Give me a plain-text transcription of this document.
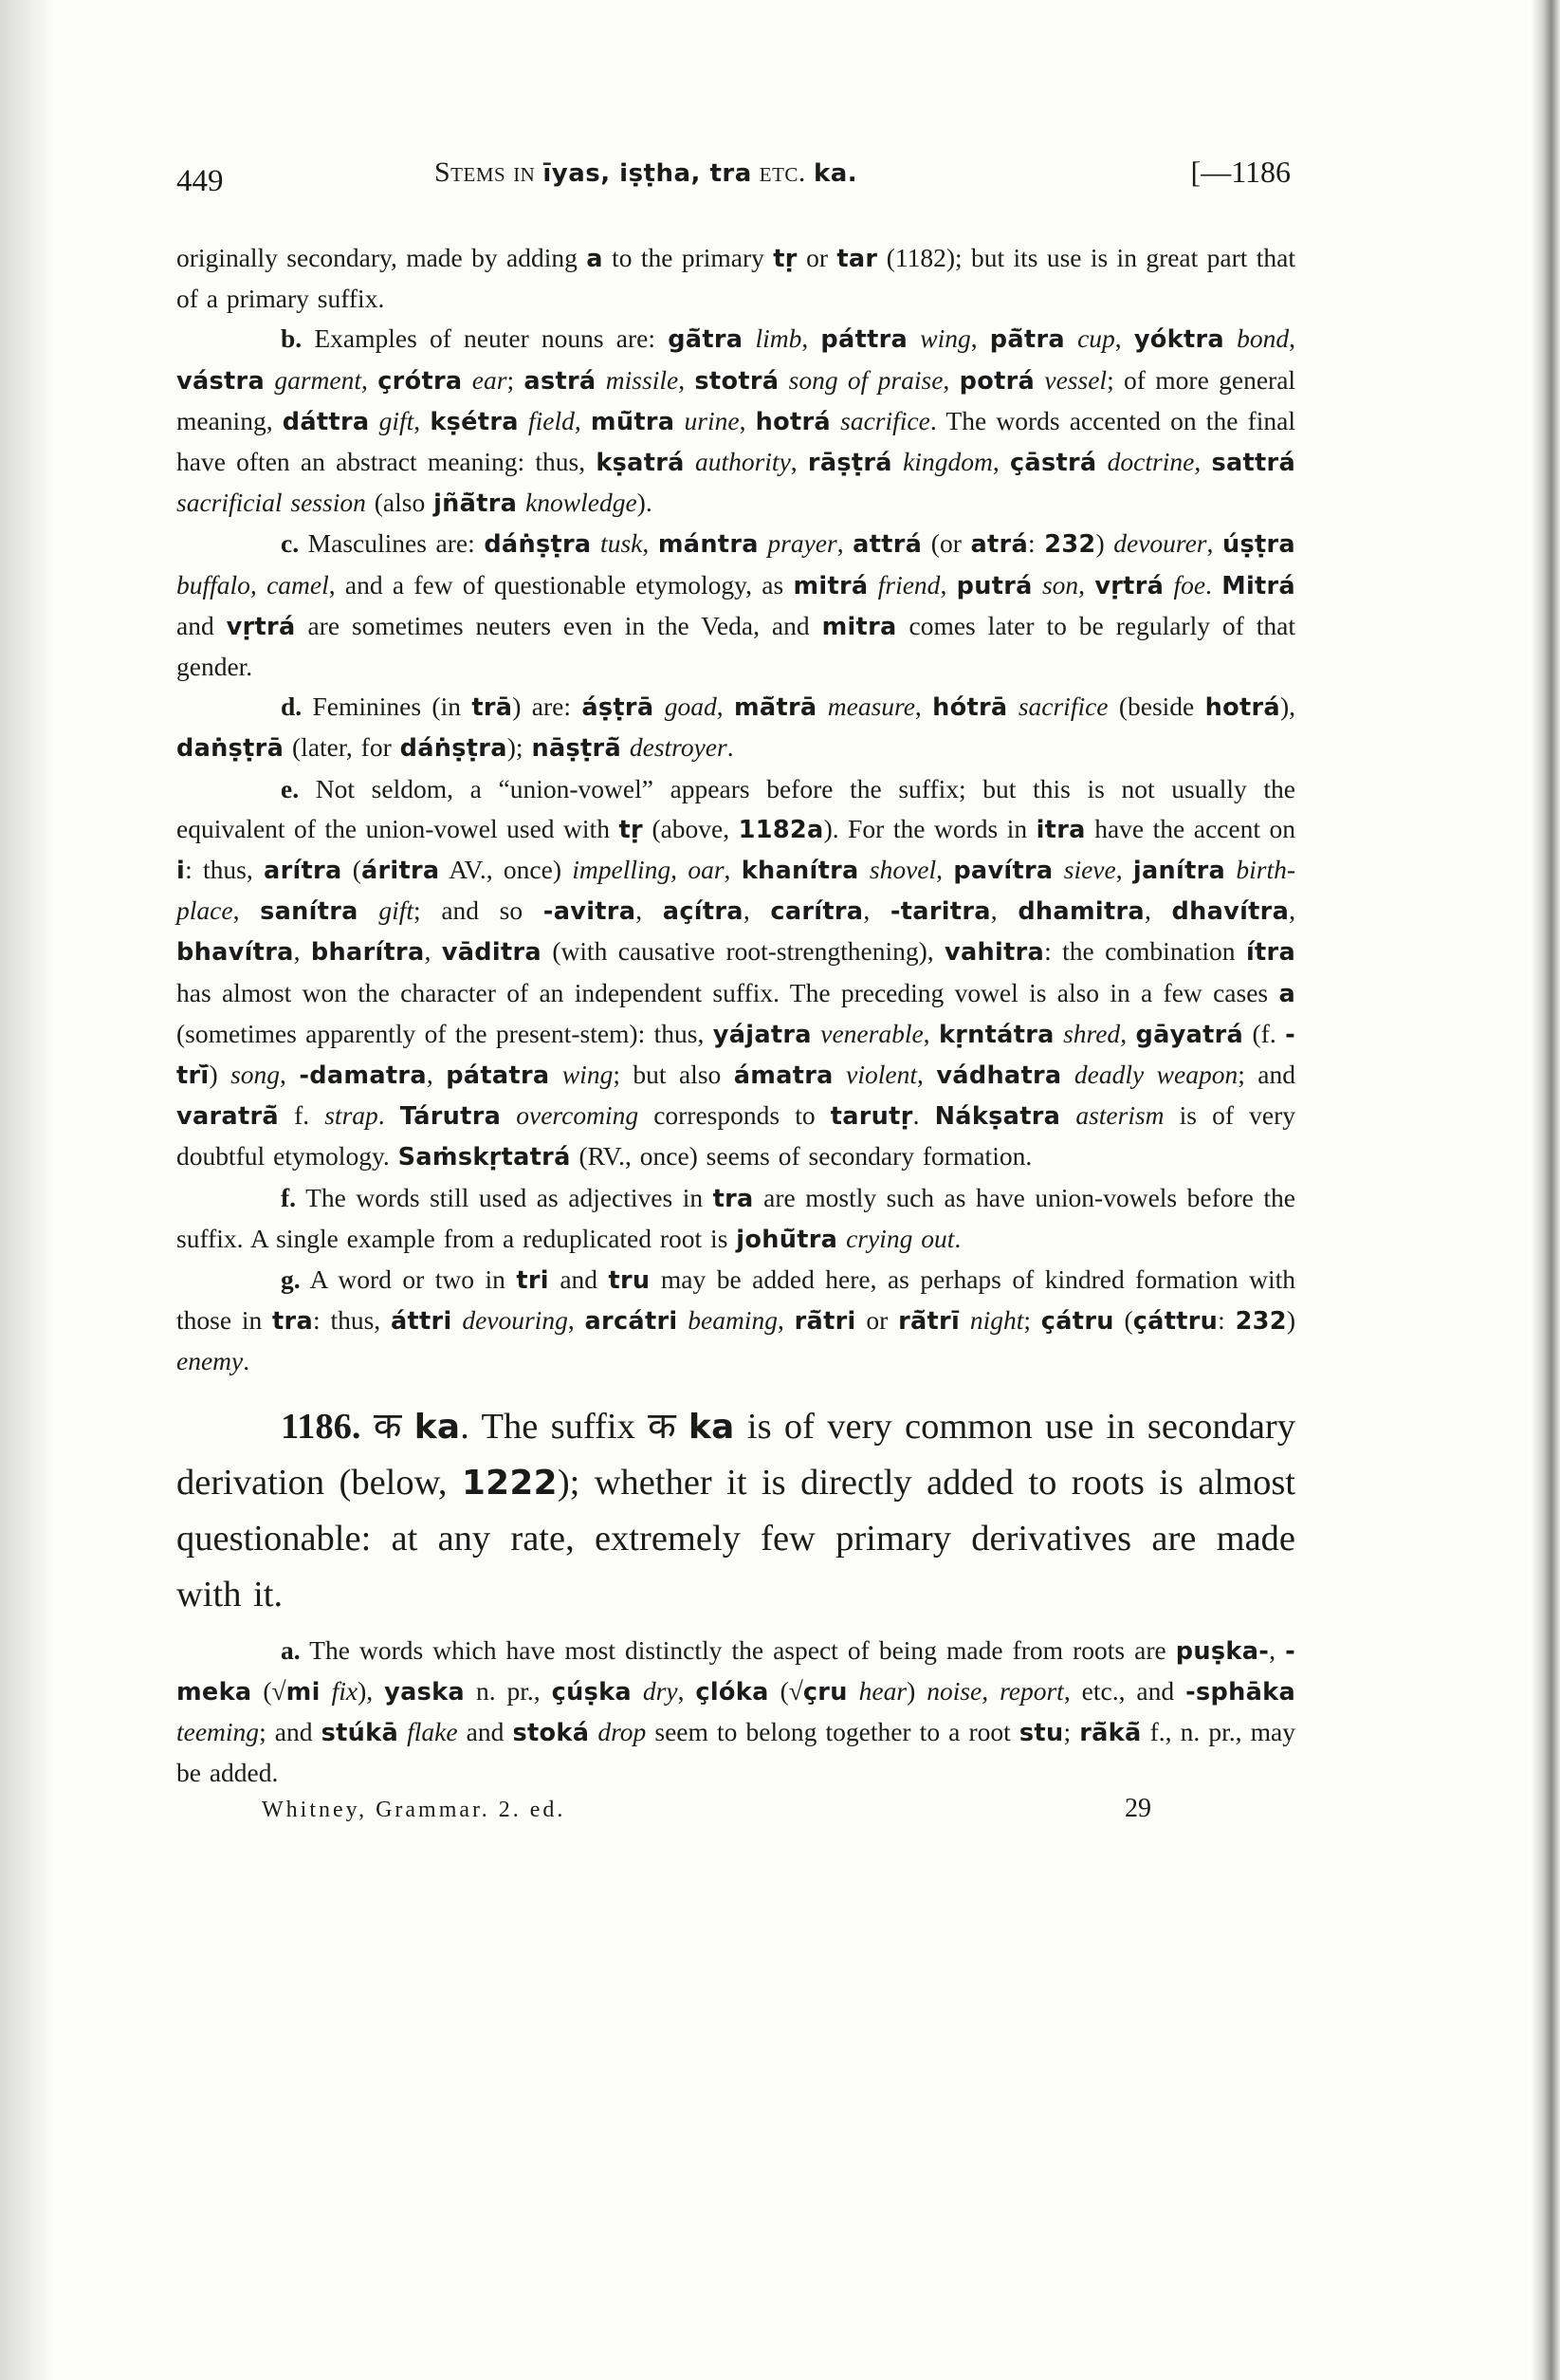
449	Stems in īyas, iṣṭha, tra etc. ka.	[—1186

originally secondary, made by adding a to the primary tṛ or tar (1182); but its use is in great part that of a primary suffix.

b. Examples of neuter nouns are: gā̆tra limb, páttra wing, pā̆tra cup, yóktra bond, vástra garment, çrótra ear; astrá missile, stotrá song of praise, potrá vessel; of more general meaning, dáttra gift, kṣétra field, mū̆tra urine, hotrá sacrifice. The words accented on the final have often an abstract meaning: thus, kṣatrá authority, rāṣṭrá kingdom, çāstrá doctrine, sattrá sacrificial session (also jñā̆tra knowledge).

c. Masculines are: dáṅṣṭra tusk, mántra prayer, attrá (or atrá: 232) devourer, úṣṭra buffalo, camel, and a few of questionable etymology, as mitrá friend, putrá son, vṛtrá foe. Mitrá and vṛtrá are sometimes neuters even in the Veda, and mitra comes later to be regularly of that gender.

d. Feminines (in trā) are: áṣṭrā goad, mā̆trā measure, hótrā sacrifice (beside hotrá), daṅṣṭrā (later, for dáṅṣṭra); nāṣṭrā̆ destroyer.

e. Not seldom, a “union-vowel” appears before the suffix; but this is not usually the equivalent of the union-vowel used with tṛ (above, 1182a). For the words in itra have the accent on i: thus, arítra (áritra AV., once) impelling, oar, khanítra shovel, pavítra sieve, janítra birth-place, sanítra gift; and so -avitra, açítra, carítra, -taritra, dhamitra, dhavítra, bhavítra, bharítra, vāditra (with causative root-strengthening), vahitra: the combination ítra has almost won the character of an independent suffix. The preceding vowel is also in a few cases a (sometimes apparently of the present-stem): thus, yájatra venerable, kṛntátra shred, gāyatrá (f. -trī̆) song, -damatra, pátatra wing; but also ámatra violent, vádhatra deadly weapon; and varatrā̆ f. strap. Tárutra overcoming corresponds to tarutṛ. Nákṣatra asterism is of very doubtful etymology. Saṁskṛtatrá (RV., once) seems of secondary formation.

f. The words still used as adjectives in tra are mostly such as have union-vowels before the suffix. A single example from a reduplicated root is johū̆tra crying out.

g. A word or two in tri and tru may be added here, as perhaps of kindred formation with those in tra: thus, áttri devouring, arcátri beaming, rā̆tri or rā̆trī night; çátru (çáttru: 232) enemy.

1186. क ka. The suffix क ka is of very common use in secondary derivation (below, 1222); whether it is directly added to roots is almost questionable: at any rate, extremely few primary derivatives are made with it.

a. The words which have most distinctly the aspect of being made from roots are puṣka-, -meka (√mi fix), yaska n. pr., çúṣka dry, çlóka (√çru hear) noise, report, etc., and -sphāka teeming; and stúkā flake and stoká drop seem to belong together to a root stu; rā̆kā̆ f., n. pr., may be added.

Whitney, Grammar. 2. ed.	29
